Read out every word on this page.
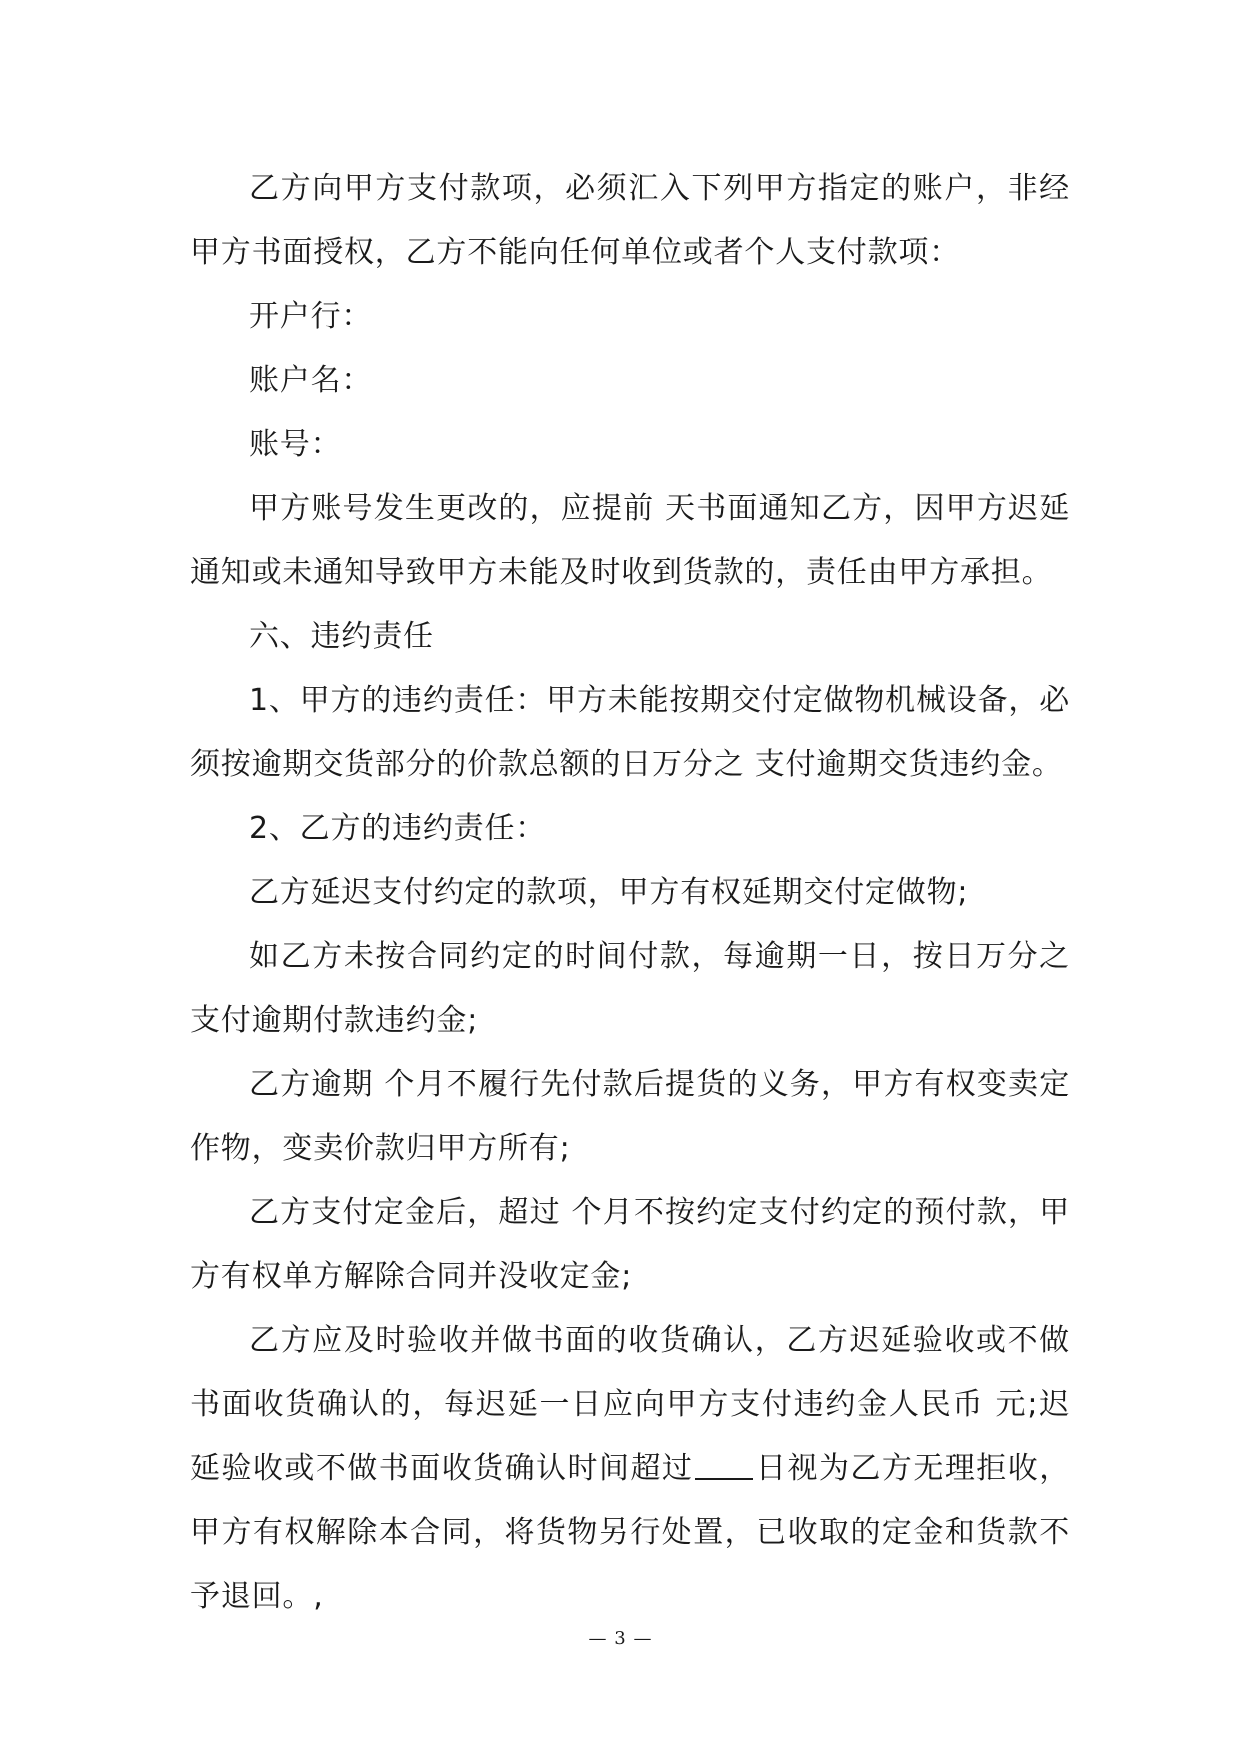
乙方向甲方支付款项，必须汇入下列甲方指定的账户，非经甲方书面授权，乙方不能向任何单位或者个人支付款项：

开户行：

账户名：

账号：

甲方账号发生更改的，应提前 天书面通知乙方，因甲方迟延通知或未通知导致甲方未能及时收到货款的，责任由甲方承担。

六、违约责任

1、甲方的违约责任：甲方未能按期交付定做物机械设备，必须按逾期交货部分的价款总额的日万分之 支付逾期交货违约金。

2、乙方的违约责任：

乙方延迟支付约定的款项，甲方有权延期交付定做物;

如乙方未按合同约定的时间付款，每逾期一日，按日万分之 支付逾期付款违约金;

乙方逾期 个月不履行先付款后提货的义务，甲方有权变卖定作物，变卖价款归甲方所有;

乙方支付定金后，超过 个月不按约定支付约定的预付款，甲方有权单方解除合同并没收定金;

乙方应及时验收并做书面的收货确认，乙方迟延验收或不做书面收货确认的，每迟延一日应向甲方支付违约金人民币 元;迟延验收或不做书面收货确认时间超过 日视为乙方无理拒收，甲方有权解除本合同，将货物另行处置，已收取的定金和货款不予退回。,

— 3 —
